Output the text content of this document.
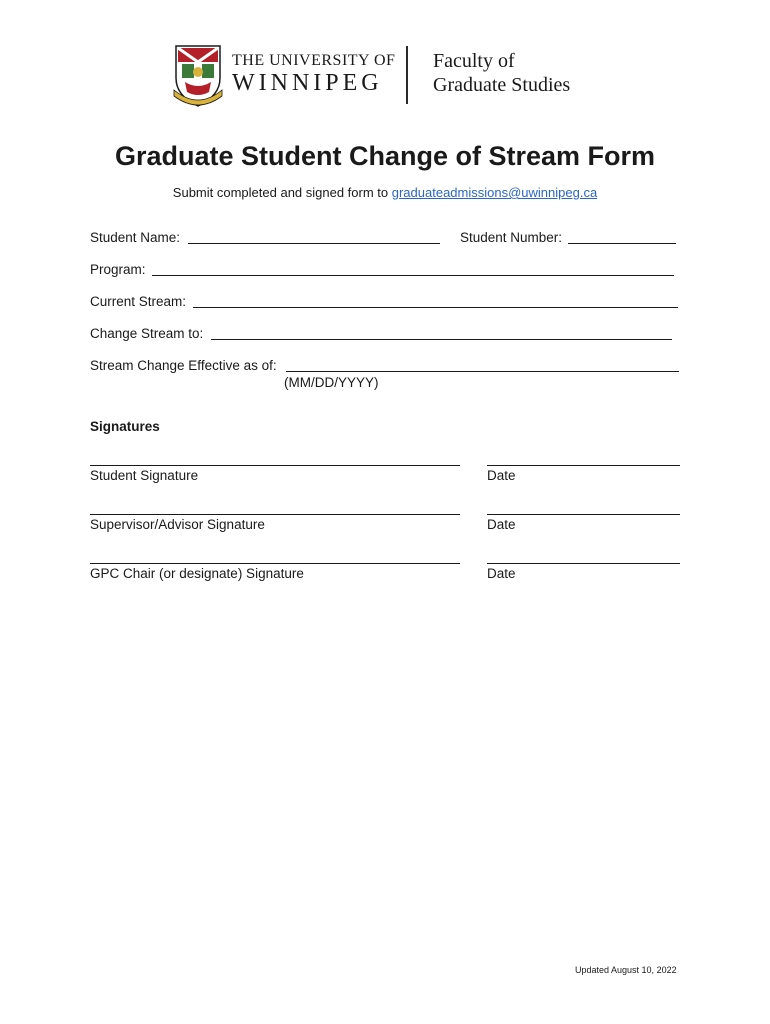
THE UNIVERSITY OF
WINNIPEG
Faculty of
Graduate Studies
Graduate Student Change of Stream Form
Submit completed and signed form to graduateadmissions@uwinnipeg.ca
Student Name:	Student Number:
Program:
Current Stream:
Change Stream to:
Stream Change Effective as of:
(MM/DD/YYYY)
Signatures
Student Signature	Date
Supervisor/Advisor Signature	Date
GPC Chair (or designate) Signature	Date
Updated August 10, 2022
